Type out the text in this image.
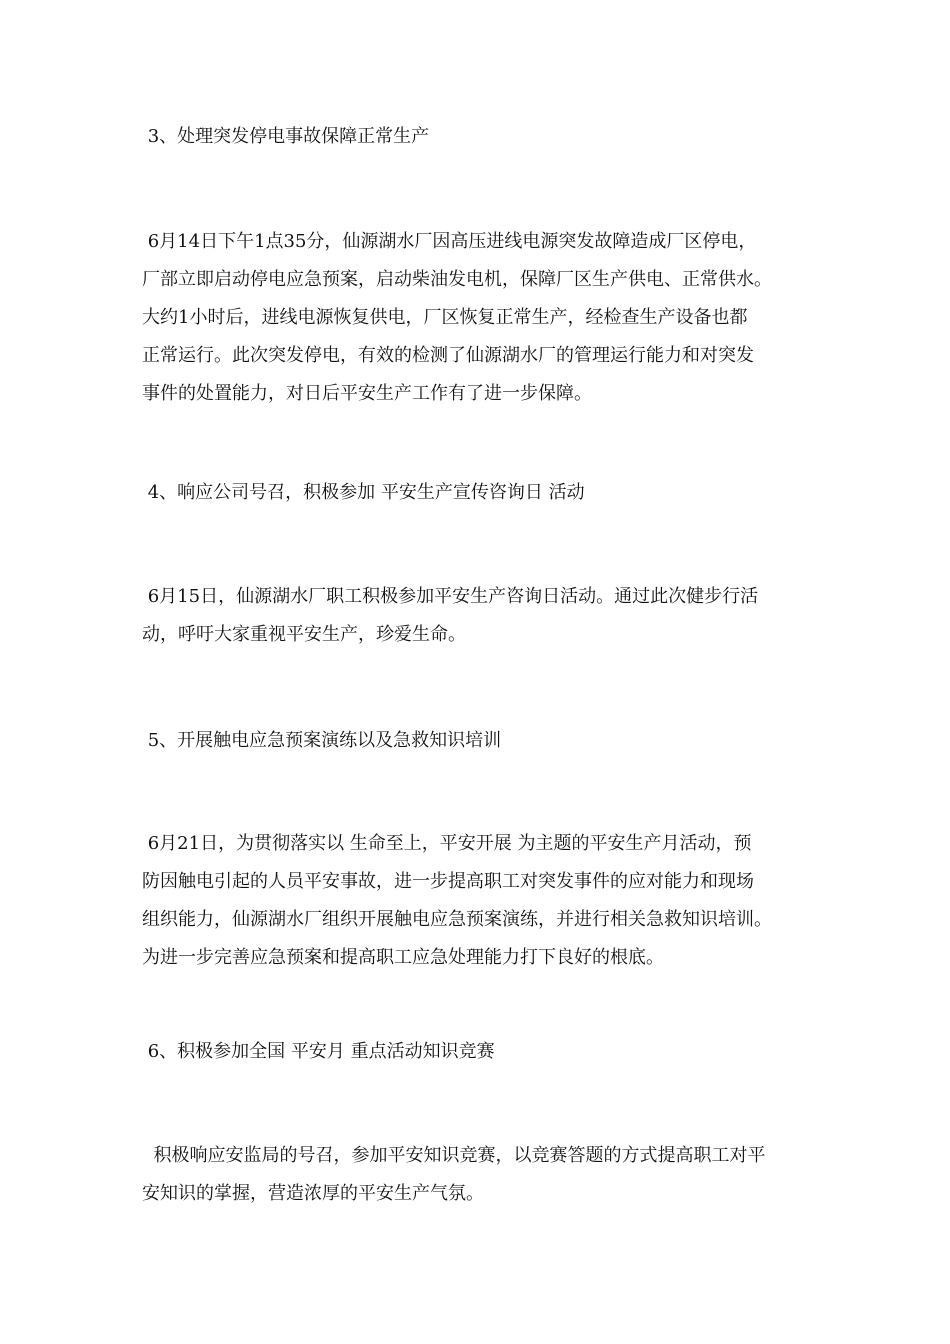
3、处理突发停电事故保障正常生产

6月14日下午1点35分，仙源湖水厂因高压进线电源突发故障造成厂区停电，
厂部立即启动停电应急预案，启动柴油发电机，保障厂区生产供电、正常供水。
大约1小时后，进线电源恢复供电，厂区恢复正常生产，经检查生产设备也都
正常运行。此次突发停电，有效的检测了仙源湖水厂的管理运行能力和对突发
事件的处置能力，对日后平安生产工作有了进一步保障。

4、响应公司号召，积极参加 平安生产宣传咨询日 活动

6月15日，仙源湖水厂职工积极参加平安生产咨询日活动。通过此次健步行活
动，呼吁大家重视平安生产，珍爱生命。

5、开展触电应急预案演练以及急救知识培训

6月21日，为贯彻落实以 生命至上，平安开展 为主题的平安生产月活动，预
防因触电引起的人员平安事故，进一步提高职工对突发事件的应对能力和现场
组织能力，仙源湖水厂组织开展触电应急预案演练，并进行相关急救知识培训。
为进一步完善应急预案和提高职工应急处理能力打下良好的根底。

6、积极参加全国 平安月 重点活动知识竞赛

积极响应安监局的号召，参加平安知识竞赛，以竞赛答题的方式提高职工对平
安知识的掌握，营造浓厚的平安生产气氛。
